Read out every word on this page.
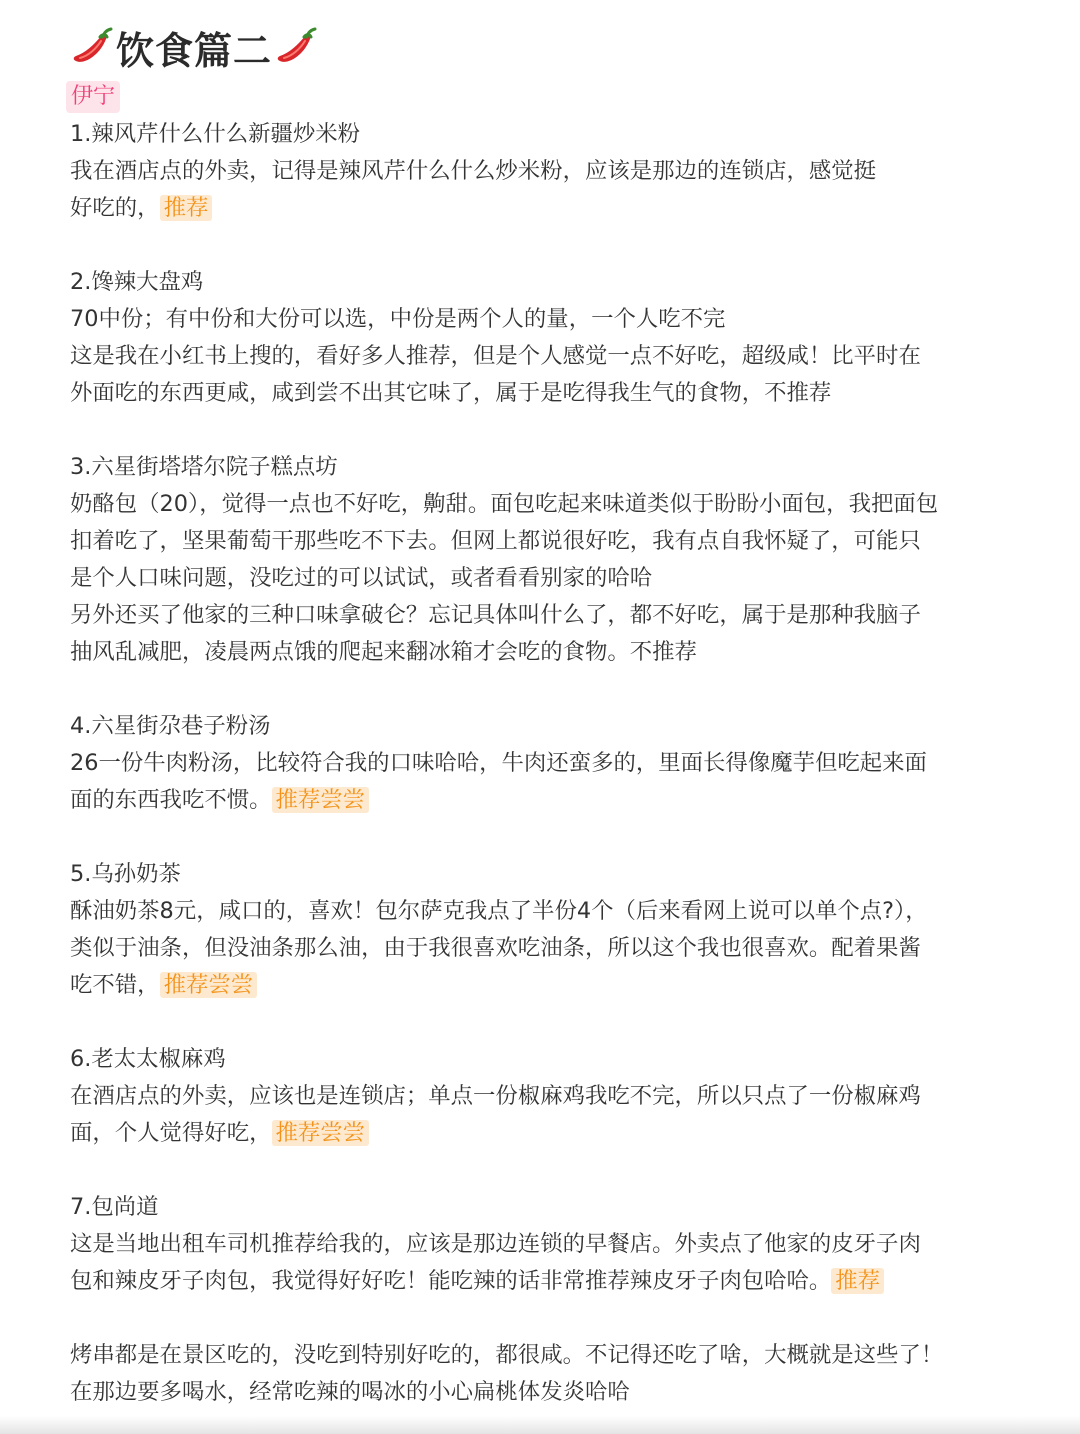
饮食篇二
伊宁
1.辣风芹什么什么新疆炒米粉
我在酒店点的外卖，记得是辣风芹什么什么炒米粉，应该是那边的连锁店，感觉挺
好吃的， 推荐
2.馋辣大盘鸡
70中份；有中份和大份可以选，中份是两个人的量，一个人吃不完
这是我在小红书上搜的，看好多人推荐，但是个人感觉一点不好吃，超级咸！比平时在
外面吃的东西更咸，咸到尝不出其它味了，属于是吃得我生气的食物，不推荐
3.六星街塔塔尔院子糕点坊
奶酪包（20），觉得一点也不好吃，齁甜。面包吃起来味道类似于盼盼小面包，我把面包
扣着吃了，坚果葡萄干那些吃不下去。但网上都说很好吃，我有点自我怀疑了，可能只
是个人口味问题，没吃过的可以试试，或者看看别家的哈哈
另外还买了他家的三种口味拿破仑？忘记具体叫什么了，都不好吃，属于是那种我脑子
抽风乱减肥，凌晨两点饿的爬起来翻冰箱才会吃的食物。不推荐
4.六星街尕巷子粉汤
26一份牛肉粉汤，比较符合我的口味哈哈，牛肉还蛮多的，里面长得像魔芋但吃起来面
面的东西我吃不惯。 推荐尝尝
5.乌孙奶茶
酥油奶茶8元，咸口的，喜欢！包尔萨克我点了半份4个（后来看网上说可以单个点?），
类似于油条，但没油条那么油，由于我很喜欢吃油条，所以这个我也很喜欢。配着果酱
吃不错， 推荐尝尝
6.老太太椒麻鸡
在酒店点的外卖，应该也是连锁店；单点一份椒麻鸡我吃不完，所以只点了一份椒麻鸡
面，个人觉得好吃， 推荐尝尝
7.包尚道
这是当地出租车司机推荐给我的，应该是那边连锁的早餐店。外卖点了他家的皮牙子肉
包和辣皮牙子肉包，我觉得好好吃！能吃辣的话非常推荐辣皮牙子肉包哈哈。 推荐
烤串都是在景区吃的，没吃到特别好吃的，都很咸。不记得还吃了啥，大概就是这些了！
在那边要多喝水，经常吃辣的喝冰的小心扁桃体发炎哈哈
